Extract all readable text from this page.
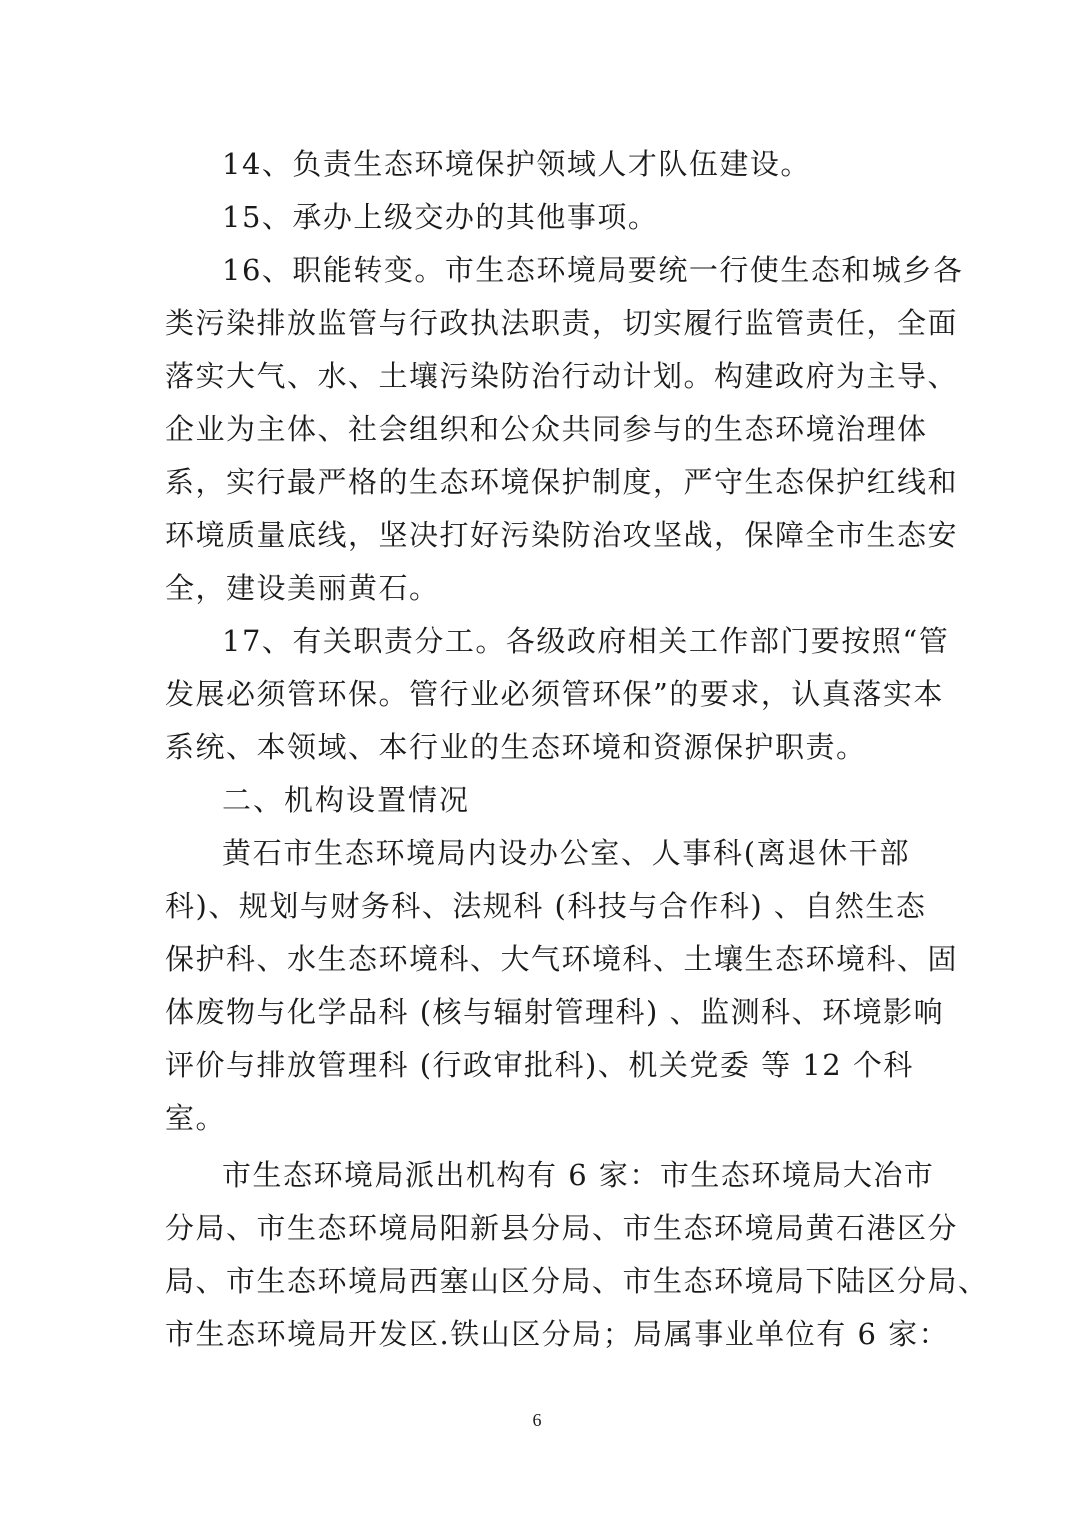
14、负责生态环境保护领域人才队伍建设。
15、承办上级交办的其他事项。
16、职能转变。市生态环境局要统一行使生态和城乡各
类污染排放监管与行政执法职责，切实履行监管责任，全面
落实大气、水、土壤污染防治行动计划。构建政府为主导、
企业为主体、社会组织和公众共同参与的生态环境治理体
系，实行最严格的生态环境保护制度，严守生态保护红线和
环境质量底线，坚决打好污染防治攻坚战，保障全市生态安
全，建设美丽黄石。
17、有关职责分工。各级政府相关工作部门要按照“管
发展必须管环保。管行业必须管环保”的要求，认真落实本
系统、本领域、本行业的生态环境和资源保护职责。
二、机构设置情况
黄石市生态环境局内设办公室、人事科(离退休干部
科)、规划与财务科、法规科 (科技与合作科) 、自然生态
保护科、水生态环境科、大气环境科、土壤生态环境科、固
体废物与化学品科 (核与辐射管理科) 、监测科、环境影响
评价与排放管理科 (行政审批科)、机关党委 等 12 个科
室。
市生态环境局派出机构有 6 家：市生态环境局大冶市
分局、市生态环境局阳新县分局、市生态环境局黄石港区分
局、市生态环境局西塞山区分局、市生态环境局下陆区分局、
市生态环境局开发区.铁山区分局；局属事业单位有 6 家：
6
